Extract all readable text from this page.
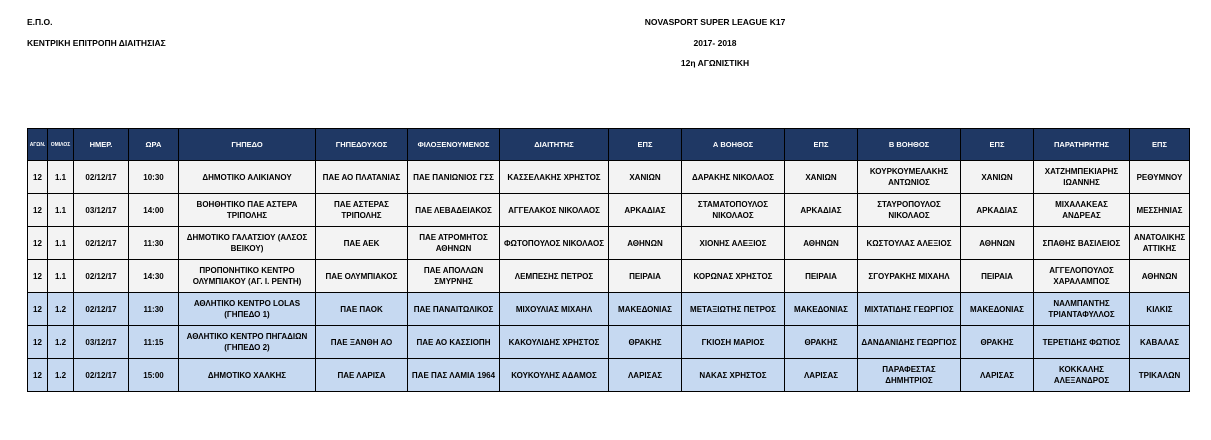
Ε.Π.Ο.
ΚΕΝΤΡΙΚΗ ΕΠΙΤΡΟΠΗ ΔΙΑΙΤΗΣΙΑΣ
NOVASPORT SUPER LEAGUE K17
2017- 2018
12η ΑΓΩΝΙΣΤΙΚΗ
ΑΓΩΝ.	ΟΜΙΛΟΣ	ΗΜΕΡ.	ΩΡΑ	ΓΗΠΕΔΟ	ΓΗΠΕΔΟΥΧΟΣ	ΦΙΛΟΞΕΝΟΥΜΕΝΟΣ	ΔΙΑΙΤΗΤΗΣ	ΕΠΣ	Α ΒΟΗΘΟΣ	ΕΠΣ	Β ΒΟΗΘΟΣ	ΕΠΣ	ΠΑΡΑΤΗΡΗΤΗΣ	ΕΠΣ
12	1.1	02/12/17	10:30	ΔΗΜΟΤΙΚΟ ΑΛΙΚΙΑΝΟΥ	ΠΑΕ ΑΟ ΠΛΑΤΑΝΙΑΣ	ΠΑΕ ΠΑΝΙΩΝΙΟΣ ΓΣΣ	ΚΑΣΣΕΛΑΚΗΣ ΧΡΗΣΤΟΣ	ΧΑΝΙΩΝ	ΔΑΡΑΚΗΣ ΝΙΚΟΛΑΟΣ	ΧΑΝΙΩΝ	ΚΟΥΡΚΟΥΜΕΛΑΚΗΣ ΑΝΤΩΝΙΟΣ	ΧΑΝΙΩΝ	ΧΑΤΖΗΜΠΕΚΙΑΡΗΣ ΙΩΑΝΝΗΣ	ΡΕΘΥΜΝΟΥ
12	1.1	03/12/17	14:00	ΒΟΗΘΗΤΙΚΟ ΠΑΕ ΑΣΤΕΡΑ ΤΡΙΠΟΛΗΣ	ΠΑΕ ΑΣΤΕΡΑΣ ΤΡΙΠΟΛΗΣ	ΠΑΕ ΛΕΒΑΔΕΙΑΚΟΣ	ΑΓΓΕΛΑΚΟΣ ΝΙΚΟΛΑΟΣ	ΑΡΚΑΔΙΑΣ	ΣΤΑΜΑΤΟΠΟΥΛΟΣ ΝΙΚΟΛΑΟΣ	ΑΡΚΑΔΙΑΣ	ΣΤΑΥΡΟΠΟΥΛΟΣ ΝΙΚΟΛΑΟΣ	ΑΡΚΑΔΙΑΣ	ΜΙΧΑΛΑΚΕΑΣ ΑΝΔΡΕΑΣ	ΜΕΣΣΗΝΙΑΣ
12	1.1	02/12/17	11:30	ΔΗΜΟΤΙΚΟ ΓΑΛΑΤΣΙΟΥ (ΑΛΣΟΣ ΒΕΙΚΟΥ)	ΠΑΕ ΑΕΚ	ΠΑΕ ΑΤΡΟΜΗΤΟΣ ΑΘΗΝΩΝ	ΦΩΤΟΠΟΥΛΟΣ ΝΙΚΟΛΑΟΣ	ΑΘΗΝΩΝ	ΧΙΟΝΗΣ ΑΛΕΞΙΟΣ	ΑΘΗΝΩΝ	ΚΩΣΤΟΥΛΑΣ ΑΛΕΞΙΟΣ	ΑΘΗΝΩΝ	ΣΠΑΘΗΣ ΒΑΣΙΛΕΙΟΣ	ΑΝΑΤΟΛΙΚΗΣ ΑΤΤΙΚΗΣ
12	1.1	02/12/17	14:30	ΠΡΟΠΟΝΗΤΙΚΟ ΚΕΝΤΡΟ ΟΛΥΜΠΙΑΚΟΥ (ΑΓ. Ι. ΡΕΝΤΗ)	ΠΑΕ ΟΛΥΜΠΙΑΚΟΣ	ΠΑΕ ΑΠΟΛΛΩΝ ΣΜΥΡΝΗΣ	ΛΕΜΠΕΣΗΣ ΠΕΤΡΟΣ	ΠΕΙΡΑΙΑ	ΚΟΡΩΝΑΣ ΧΡΗΣΤΟΣ	ΠΕΙΡΑΙΑ	ΣΓΟΥΡΑΚΗΣ ΜΙΧΑΗΛ	ΠΕΙΡΑΙΑ	ΑΓΓΕΛΟΠΟΥΛΟΣ ΧΑΡΑΛΑΜΠΟΣ	ΑΘΗΝΩΝ
12	1.2	02/12/17	11:30	ΑΘΛΗΤΙΚΟ ΚΕΝΤΡΟ LOLAS (ΓΗΠΕΔΟ 1)	ΠΑΕ ΠΑΟΚ	ΠΑΕ ΠΑΝΑΙΤΩΛΙΚΟΣ	ΜΙΧΟΥΛΙΑΣ ΜΙΧΑΗΛ	ΜΑΚΕΔΟΝΙΑΣ	ΜΕΤΑΞΙΩΤΗΣ ΠΕΤΡΟΣ	ΜΑΚΕΔΟΝΙΑΣ	ΜΙΧΤΑΤΙΔΗΣ ΓΕΩΡΓΙΟΣ	ΜΑΚΕΔΟΝΙΑΣ	ΝΑΛΜΠΑΝΤΗΣ ΤΡΙΑΝΤΑΦΥΛΛΟΣ	ΚΙΛΚΙΣ
12	1.2	03/12/17	11:15	ΑΘΛΗΤΙΚΟ ΚΕΝΤΡΟ ΠΗΓΑΔΙΩΝ (ΓΗΠΕΔΟ 2)	ΠΑΕ ΞΑΝΘΗ ΑΟ	ΠΑΕ ΑΟ ΚΑΣΣΙΟΠΗ	ΚΑΚΟΥΛΙΔΗΣ ΧΡΗΣΤΟΣ	ΘΡΑΚΗΣ	ΓΚΙΟΣΗ ΜΑΡΙΟΣ	ΘΡΑΚΗΣ	ΔΑΝΔΑΝΙΔΗΣ ΓΕΩΡΓΙΟΣ	ΘΡΑΚΗΣ	ΤΕΡΕΤΙΔΗΣ ΦΩΤΙΟΣ	ΚΑΒΑΛΑΣ
12	1.2	02/12/17	15:00	ΔΗΜΟΤΙΚΟ ΧΑΛΚΗΣ	ΠΑΕ ΛΑΡΙΣΑ	ΠΑΕ ΠΑΣ ΛΑΜΙΑ 1964	ΚΟΥΚΟΥΛΗΣ ΑΔΑΜΟΣ	ΛΑΡΙΣΑΣ	ΝΑΚΑΣ ΧΡΗΣΤΟΣ	ΛΑΡΙΣΑΣ	ΠΑΡΑΦΕΣΤΑΣ ΔΗΜΗΤΡΙΟΣ	ΛΑΡΙΣΑΣ	ΚΟΚΚΑΛΗΣ ΑΛΕΞΑΝΔΡΟΣ	ΤΡΙΚΑΛΩΝ
